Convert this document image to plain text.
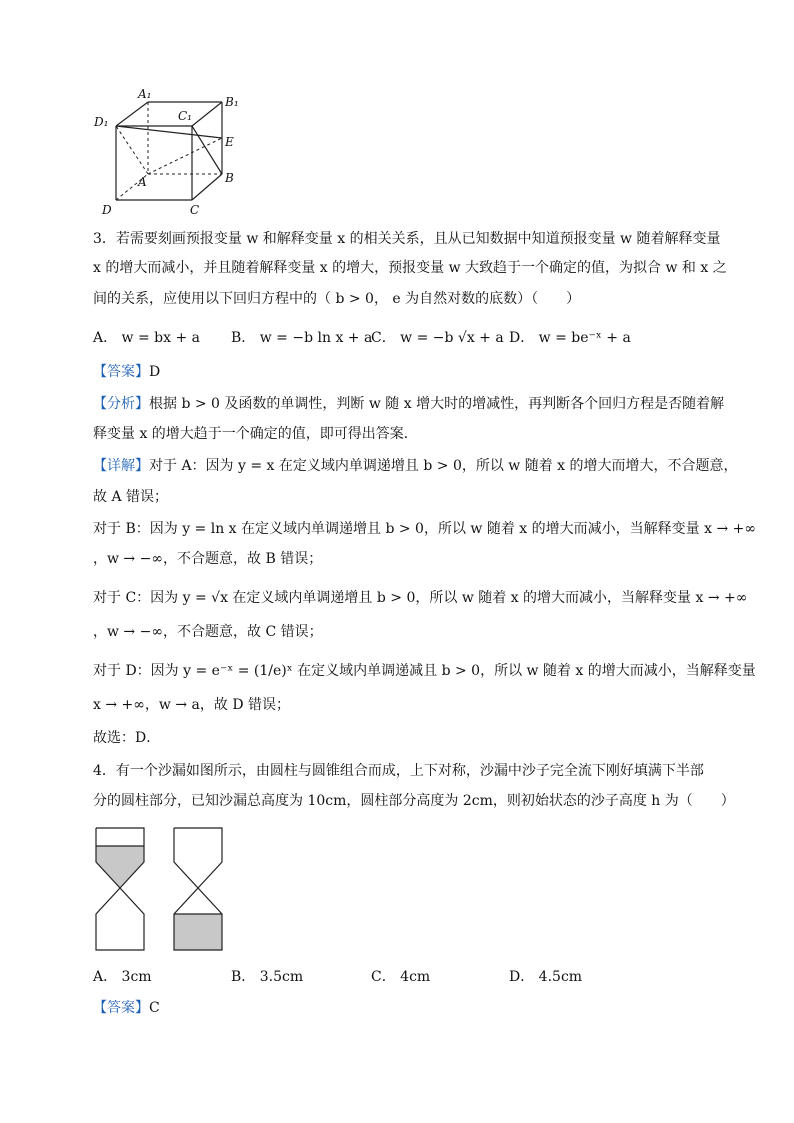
A₁
B₁
C₁
D₁
E
A	B
C
D
3．若需要刻画预报变量 w 和解释变量 x 的相关关系，且从已知数据中知道预报变量 w 随着解释变量
x 的增大而减小，并且随着解释变量 x 的增大，预报变量 w 大致趋于一个确定的值，为拟合 w 和 x 之
间的关系，应使用以下回归方程中的（ b > 0， e 为自然对数的底数）（　　）
A． w = bx + a B． w = −b ln x + a
C． w = −b √x + a D． w = be⁻ˣ + a
【答案】D
【分析】根据 b > 0 及函数的单调性，判断 w 随 x 增大时的增减性，再判断各个回归方程是否随着解
释变量 x 的增大趋于一个确定的值，即可得出答案．
【详解】对于 A：因为 y = x 在定义域内单调递增且 b > 0，所以 w 随着 x 的增大而增大，不合题意，
故 A 错误；
对于 B：因为 y = ln x 在定义域内单调递增且 b > 0，所以 w 随着 x 的增大而减小，当解释变量 x → +∞
，w → −∞，不合题意，故 B 错误；
对于 C：因为 y = √x 在定义域内单调递增且 b > 0，所以 w 随着 x 的增大而减小，当解释变量 x → +∞
，w → −∞，不合题意，故 C 错误；
对于 D：因为 y = e⁻ˣ = (1/e)ˣ 在定义域内单调递减且 b > 0，所以 w 随着 x 的增大而减小，当解释变量
x → +∞，w → a，故 D 错误；
故选：D．
4．有一个沙漏如图所示，由圆柱与圆锥组合而成，上下对称，沙漏中沙子完全流下刚好填满下半部
分的圆柱部分，已知沙漏总高度为 10cm，圆柱部分高度为 2cm，则初始状态的沙子高度 h 为（　　）
A． 3cm	B． 3.5cm	C． 4cm	D． 4.5cm
【答案】C
